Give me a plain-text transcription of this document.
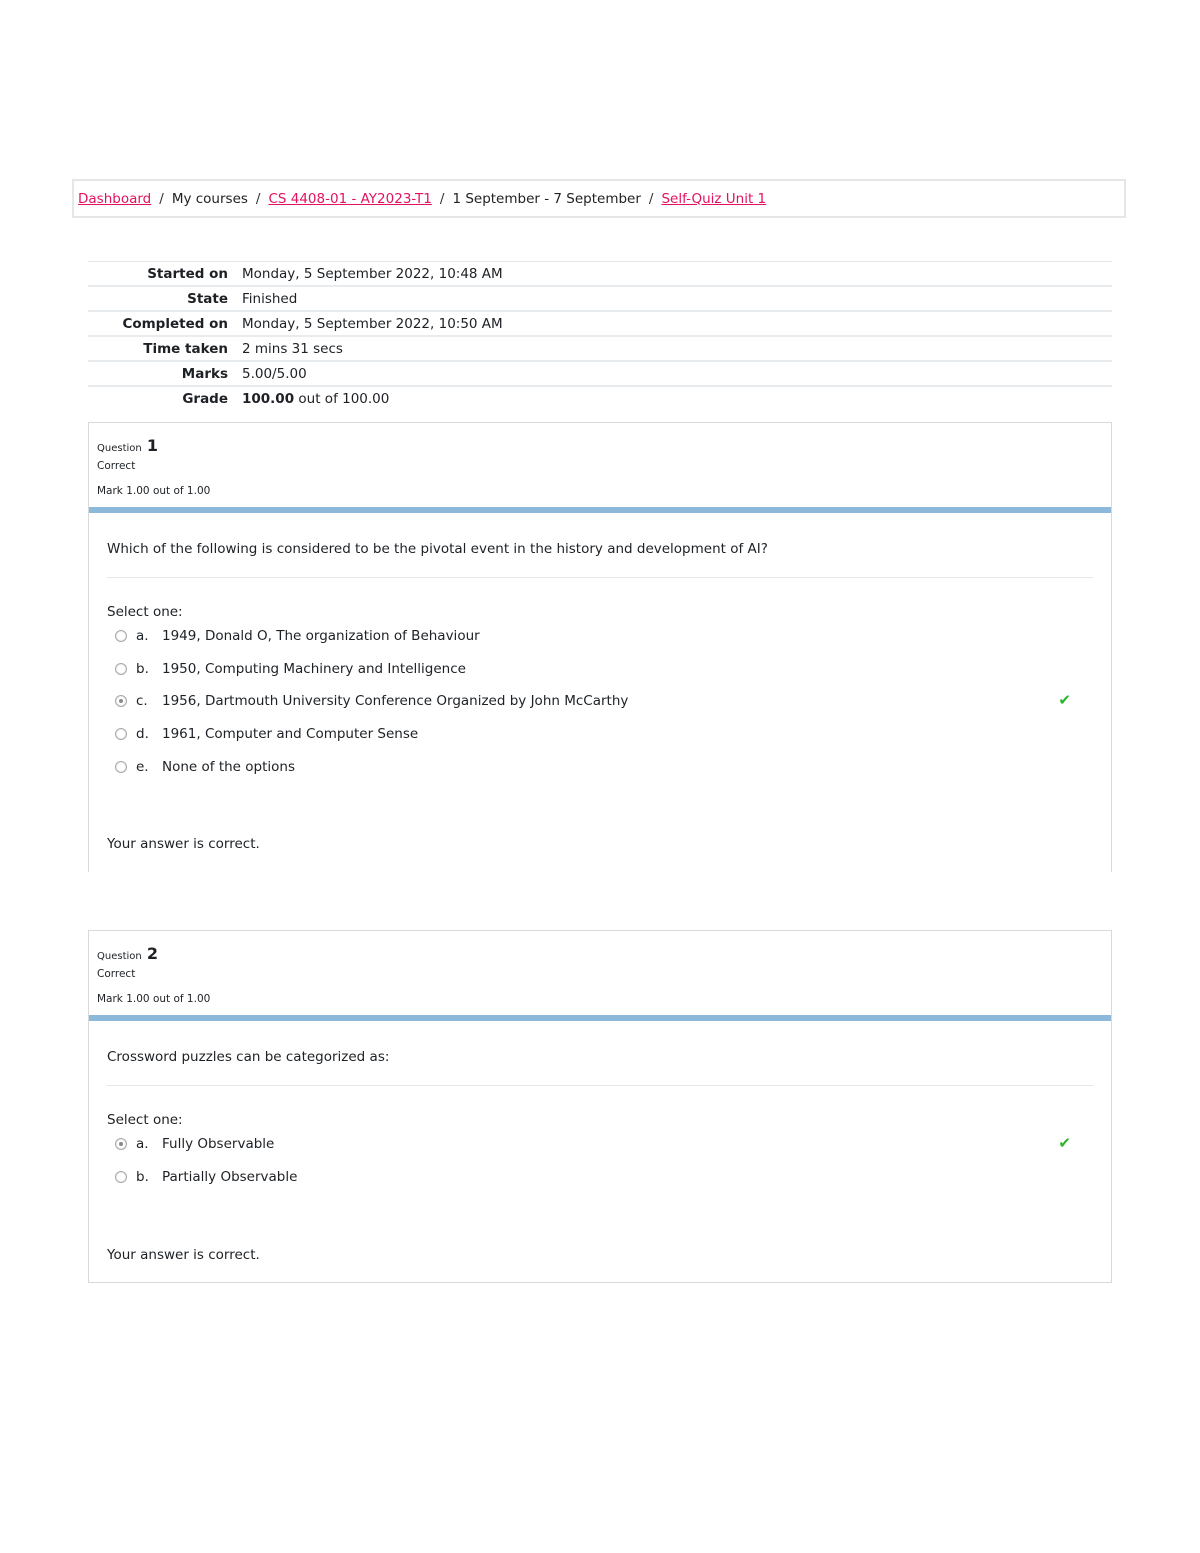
Dashboard / My courses / CS 4408-01 - AY2023-T1 / 1 September - 7 September / Self-Quiz Unit 1
Started on	Monday, 5 September 2022, 10:48 AM
State	Finished
Completed on	Monday, 5 September 2022, 10:50 AM
Time taken	2 mins 31 secs
Marks	5.00/5.00
Grade	100.00 out of 100.00
Question 1
Correct
Mark 1.00 out of 1.00
Which of the following is considered to be the pivotal event in the history and development of AI?
Select one:
a. 1949, Donald O, The organization of Behaviour
b. 1950, Computing Machinery and Intelligence
c.	1956, Dartmouth University Conference Organized by John McCarthy	✔
d. 1961, Computer and Computer Sense
e. None of the options
Your answer is correct.
Question 2
Correct
Mark 1.00 out of 1.00
Crossword puzzles can be categorized as:
Select one:
a. Fully Observable	✔
b. Partially Observable
Your answer is correct.
